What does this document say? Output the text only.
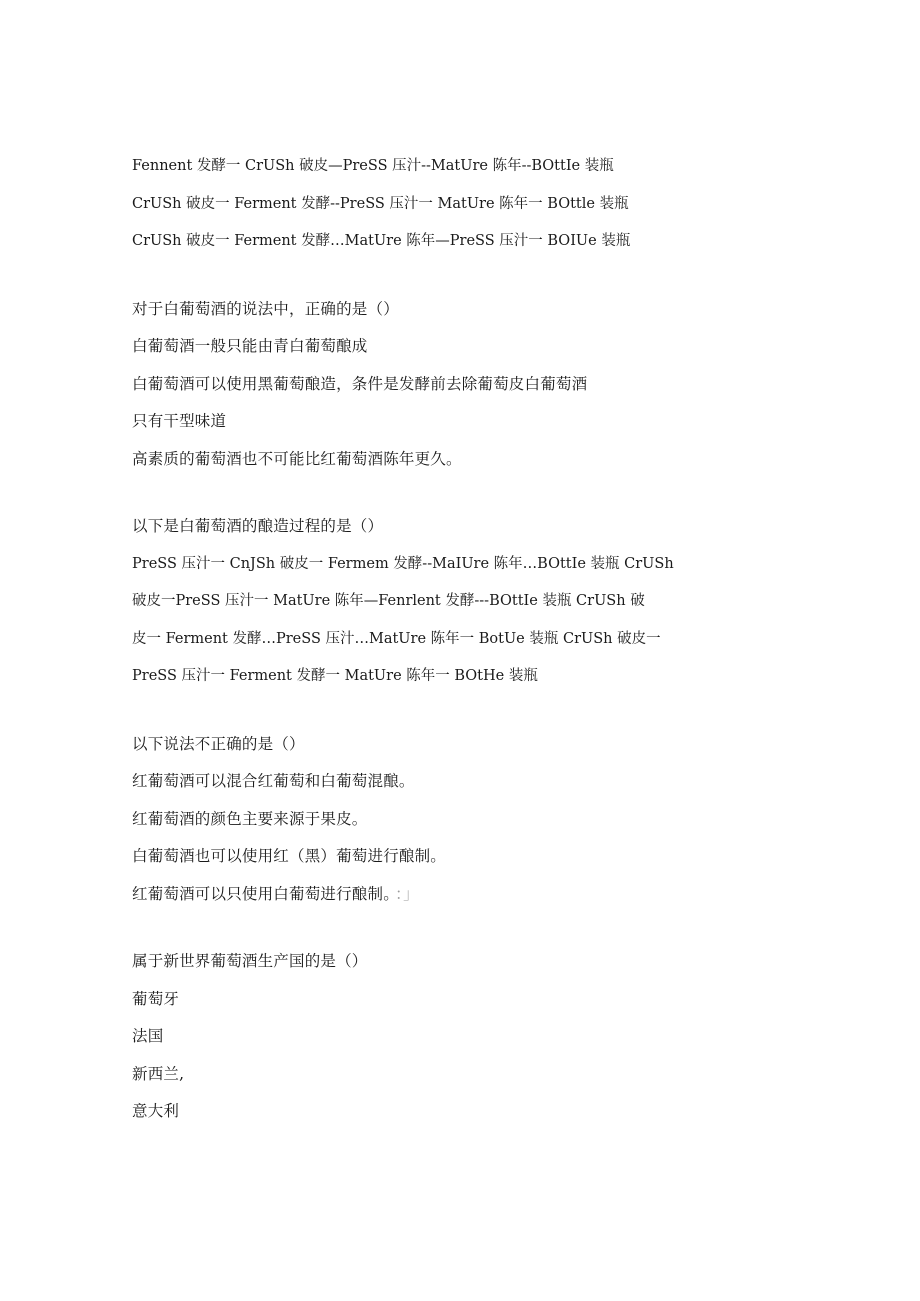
Fennent 发酵一 CrUSh 破皮—PreSS 压汁--MatUre 陈年--BOttIe 装瓶
CrUSh 破皮一 Ferment 发酵--PreSS 压汁一 MatUre 陈年一 BOttle 装瓶
CrUSh 破皮一 Ferment 发酵…MatUre 陈年—PreSS 压汁一 BOIUe 装瓶
对于白葡萄酒的说法中，正确的是（）
白葡萄酒一般只能由青白葡萄酿成
白葡萄酒可以使用黑葡萄酿造，条件是发酵前去除葡萄皮白葡萄酒
只有干型味道
高素质的葡萄酒也不可能比红葡萄酒陈年更久。
以下是白葡萄酒的酿造过程的是（）
PreSS 压汁一 CnJSh 破皮一 Fermem 发酵--MaIUre 陈年…BOttIe 装瓶 CrUSh
破皮一PreSS 压汁一 MatUre 陈年—Fenrlent 发酵---BOttIe 装瓶 CrUSh 破
皮一 Ferment 发酵…PreSS 压汁…MatUre 陈年一 BotUe 装瓶 CrUSh 破皮一
PreSS 压汁一 Ferment 发酵一 MatUre 陈年一 BOtHe 装瓶
以下说法不正确的是（）
红葡萄酒可以混合红葡萄和白葡萄混酿。
红葡萄酒的颜色主要来源于果皮。
白葡萄酒也可以使用红（黑）葡萄进行酿制。
红葡萄酒可以只使用白葡萄进行酿制。 ：」
属于新世界葡萄酒生产国的是（）
葡萄牙
法国
新西兰,
意大利
